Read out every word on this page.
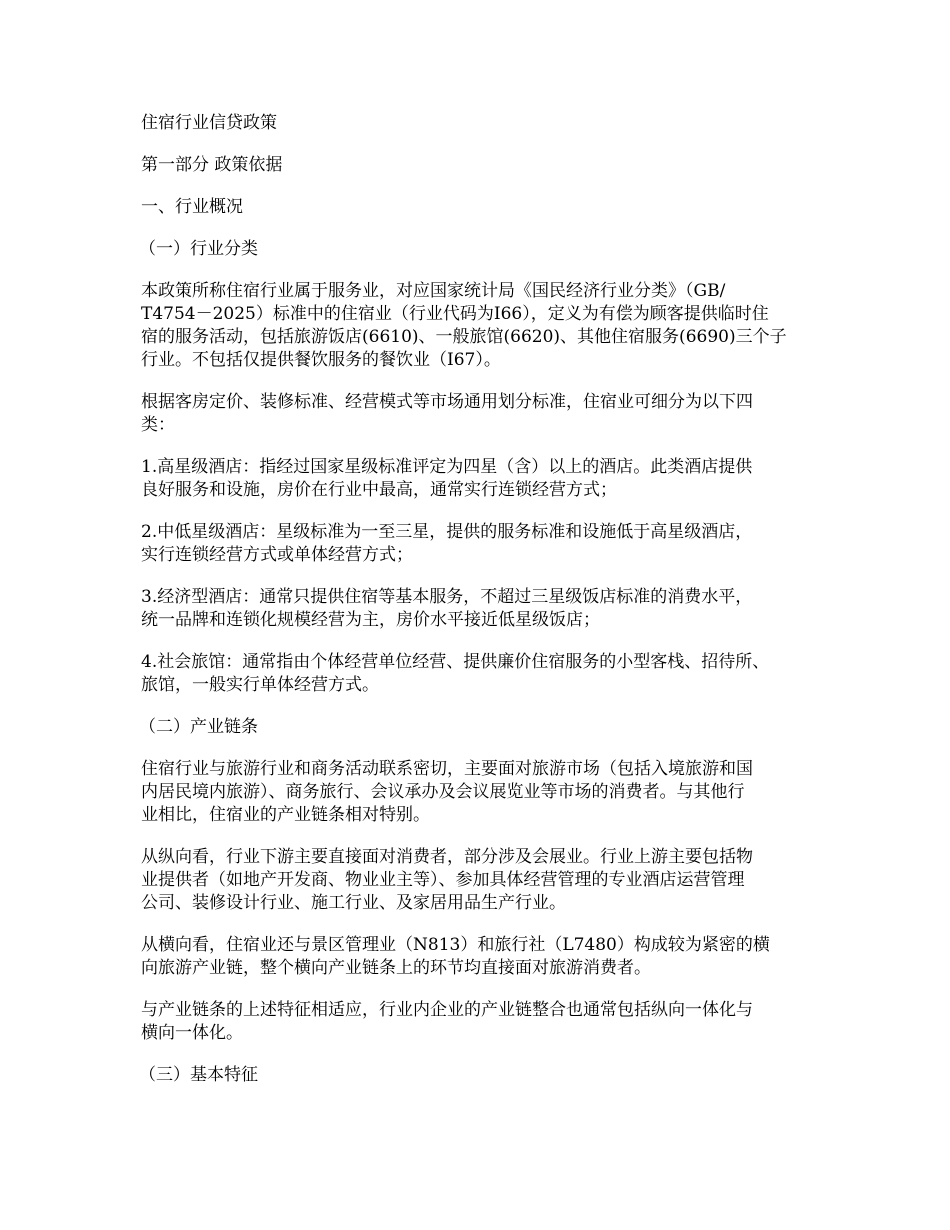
住宿行业信贷政策

第一部分 政策依据

一、行业概况

（一）行业分类

本政策所称住宿行业属于服务业，对应国家统计局《国民经济行业分类》（GB/
T4754－2025）标准中的住宿业（行业代码为I66），定义为有偿为顾客提供临时住
宿的服务活动，包括旅游饭店(6610)、一般旅馆(6620)、其他住宿服务(6690)三个子
行业。不包括仅提供餐饮服务的餐饮业（I67）。

根据客房定价、装修标准、经营模式等市场通用划分标准，住宿业可细分为以下四
类：

1.高星级酒店：指经过国家星级标准评定为四星（含）以上的酒店。此类酒店提供
良好服务和设施，房价在行业中最高，通常实行连锁经营方式；

2.中低星级酒店：星级标准为一至三星，提供的服务标准和设施低于高星级酒店，
实行连锁经营方式或单体经营方式；

3.经济型酒店：通常只提供住宿等基本服务，不超过三星级饭店标准的消费水平，
统一品牌和连锁化规模经营为主，房价水平接近低星级饭店；

4.社会旅馆：通常指由个体经营单位经营、提供廉价住宿服务的小型客栈、招待所、
旅馆，一般实行单体经营方式。

（二）产业链条

住宿行业与旅游行业和商务活动联系密切，主要面对旅游市场（包括入境旅游和国
内居民境内旅游）、商务旅行、会议承办及会议展览业等市场的消费者。与其他行
业相比，住宿业的产业链条相对特别。

从纵向看，行业下游主要直接面对消费者，部分涉及会展业。行业上游主要包括物
业提供者（如地产开发商、物业业主等）、参加具体经营管理的专业酒店运营管理
公司、装修设计行业、施工行业、及家居用品生产行业。

从横向看，住宿业还与景区管理业（N813）和旅行社（L7480）构成较为紧密的横
向旅游产业链，整个横向产业链条上的环节均直接面对旅游消费者。

与产业链条的上述特征相适应，行业内企业的产业链整合也通常包括纵向一体化与
横向一体化。

（三）基本特征
